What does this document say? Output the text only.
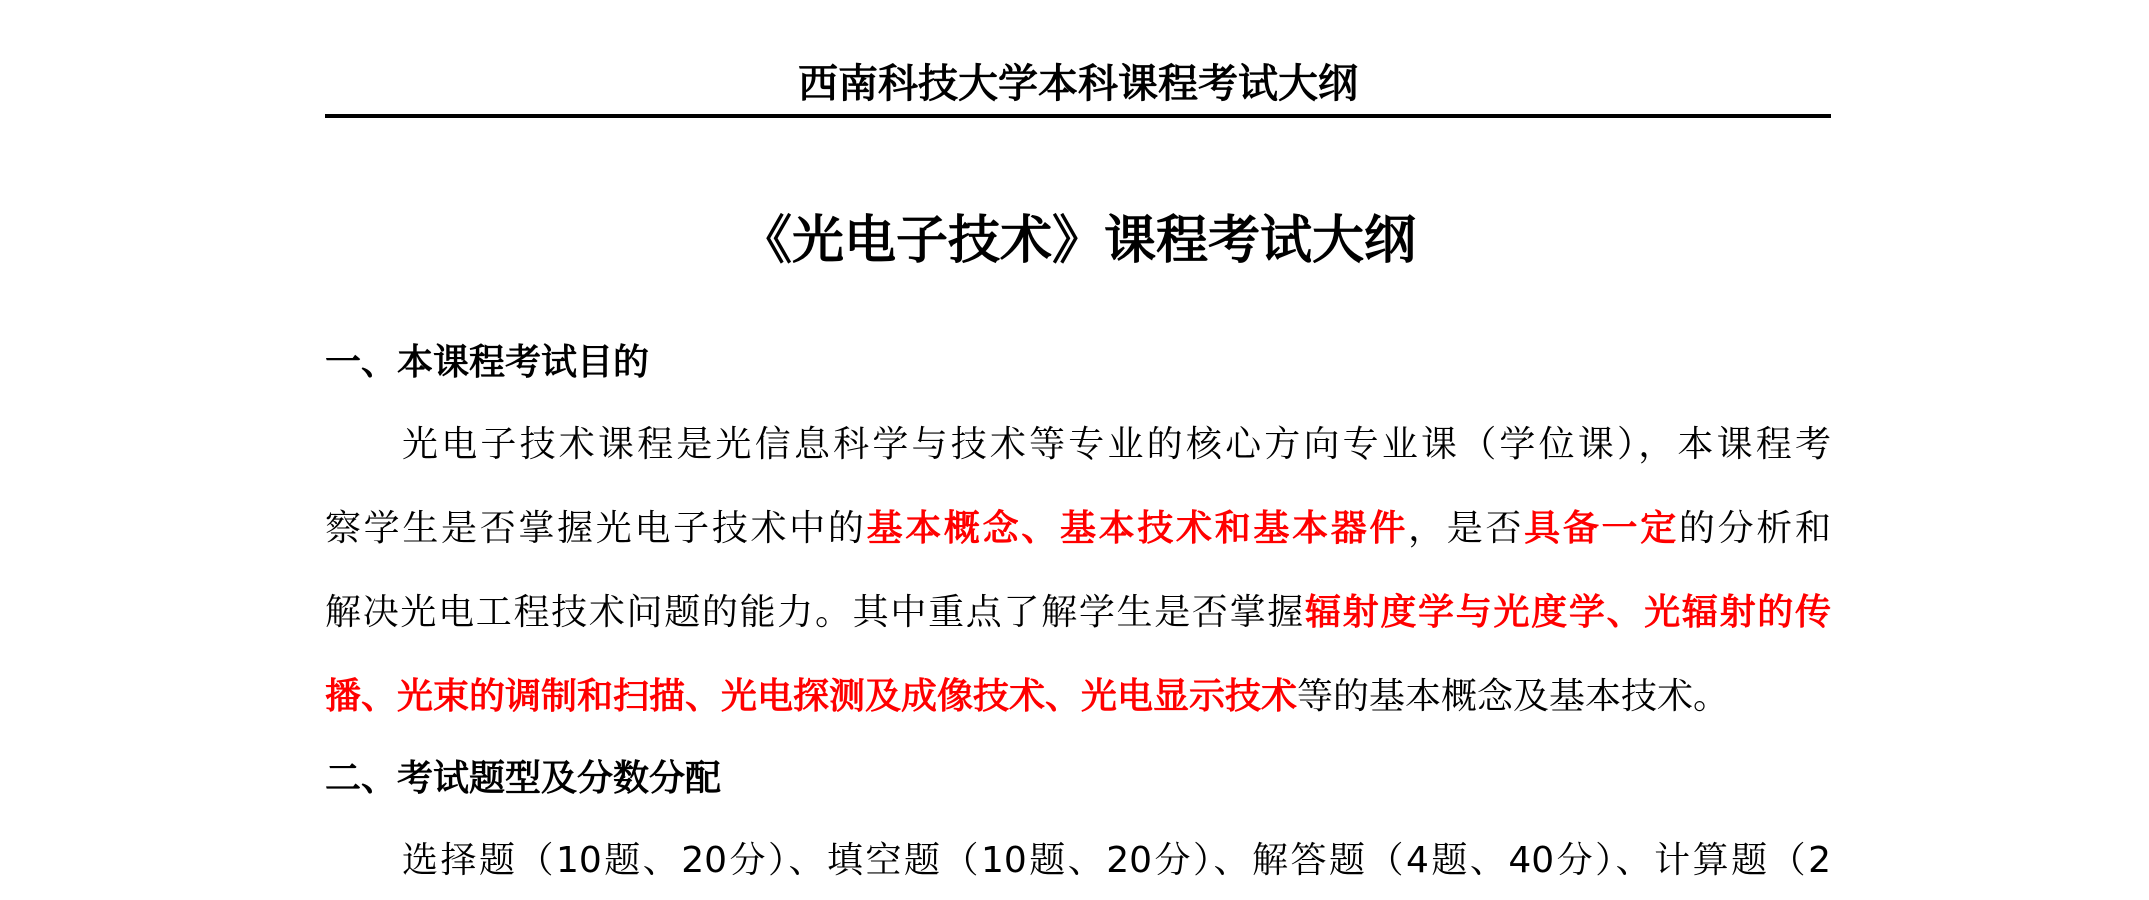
西南科技大学本科课程考试大纲
《光电子技术》课程考试大纲
一、本课程考试目的
光电子技术课程是光信息科学与技术等专业的核心方向专业课（学位课），本课程考
察学生是否掌握光电子技术中的基本概念、基本技术和基本器件，是否具备一定的分析和
解决光电工程技术问题的能力。其中重点了解学生是否掌握辐射度学与光度学、光辐射的传
播、光束的调制和扫描、光电探测及成像技术、光电显示技术等的基本概念及基本技术。
二、考试题型及分数分配
选择题（10题、20分）、填空题（10题、20分）、解答题（4题、40分）、计算题（2
